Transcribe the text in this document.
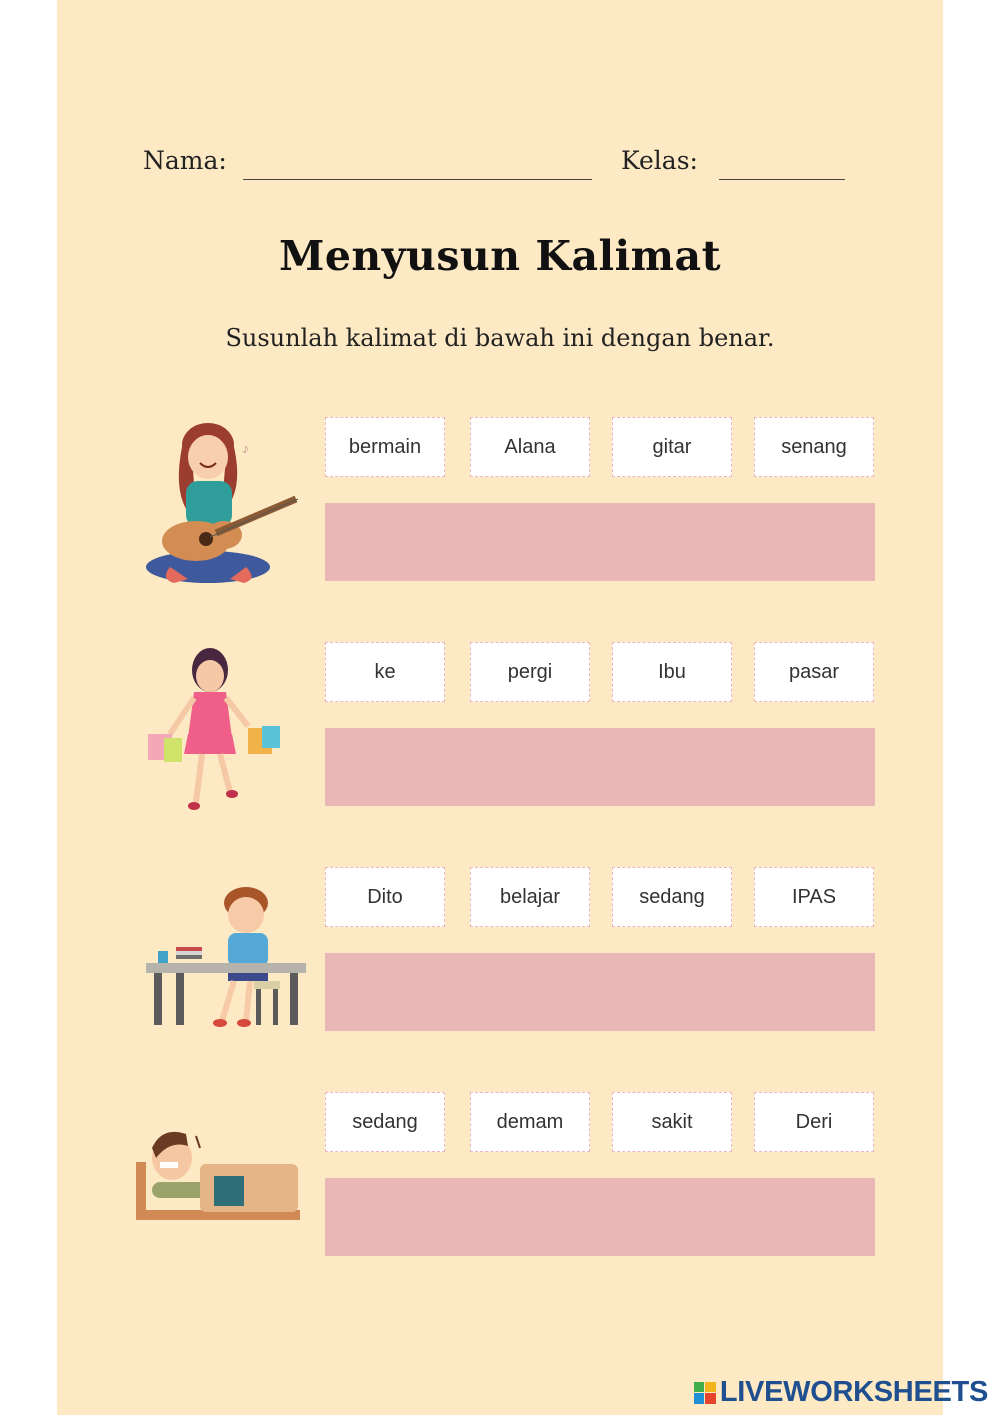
Nama:	Kelas:
Menyusun Kalimat
Susunlah kalimat di bawah ini dengan benar.
♪	bermain	Alana	gitar	senang
ke	pergi	Ibu	pasar
Dito	belajar	sedang	IPAS
sedang	demam	sakit	Deri
LIVEWORKSHEETS
